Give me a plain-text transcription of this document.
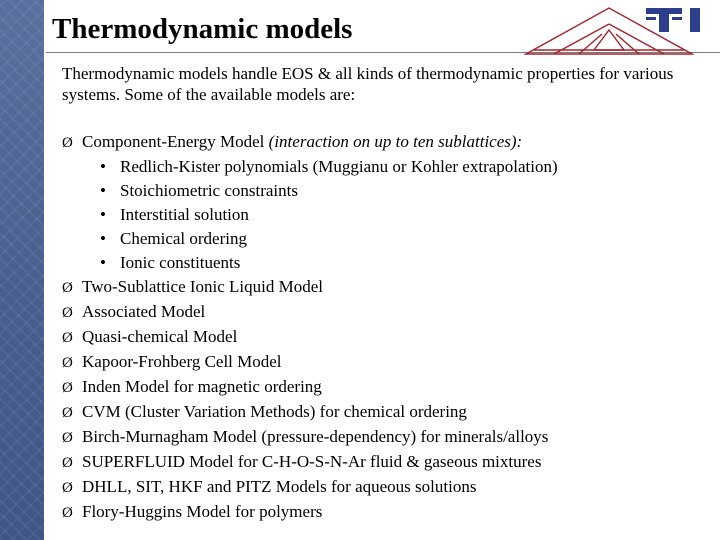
Thermodynamic models
Thermodynamic models handle EOS & all kinds of thermodynamic properties for various systems. Some of the available models are:
Ø Component-Energy Model (interaction on up to ten sublattices):
• Redlich-Kister polynomials (Muggianu or Kohler extrapolation)
• Stoichiometric constraints
• Interstitial solution
• Chemical ordering
• Ionic constituents
Ø Two-Sublattice Ionic Liquid Model
Ø Associated Model
Ø Quasi-chemical Model
Ø Kapoor-Frohberg Cell Model
Ø Inden Model for magnetic ordering
Ø CVM (Cluster Variation Methods) for chemical ordering
Ø Birch-Murnagham Model (pressure-dependency) for minerals/alloys
Ø SUPERFLUID Model for C-H-O-S-N-Ar fluid & gaseous mixtures
Ø DHLL, SIT, HKF and PITZ Models for aqueous solutions
Ø Flory-Huggins Model for polymers
